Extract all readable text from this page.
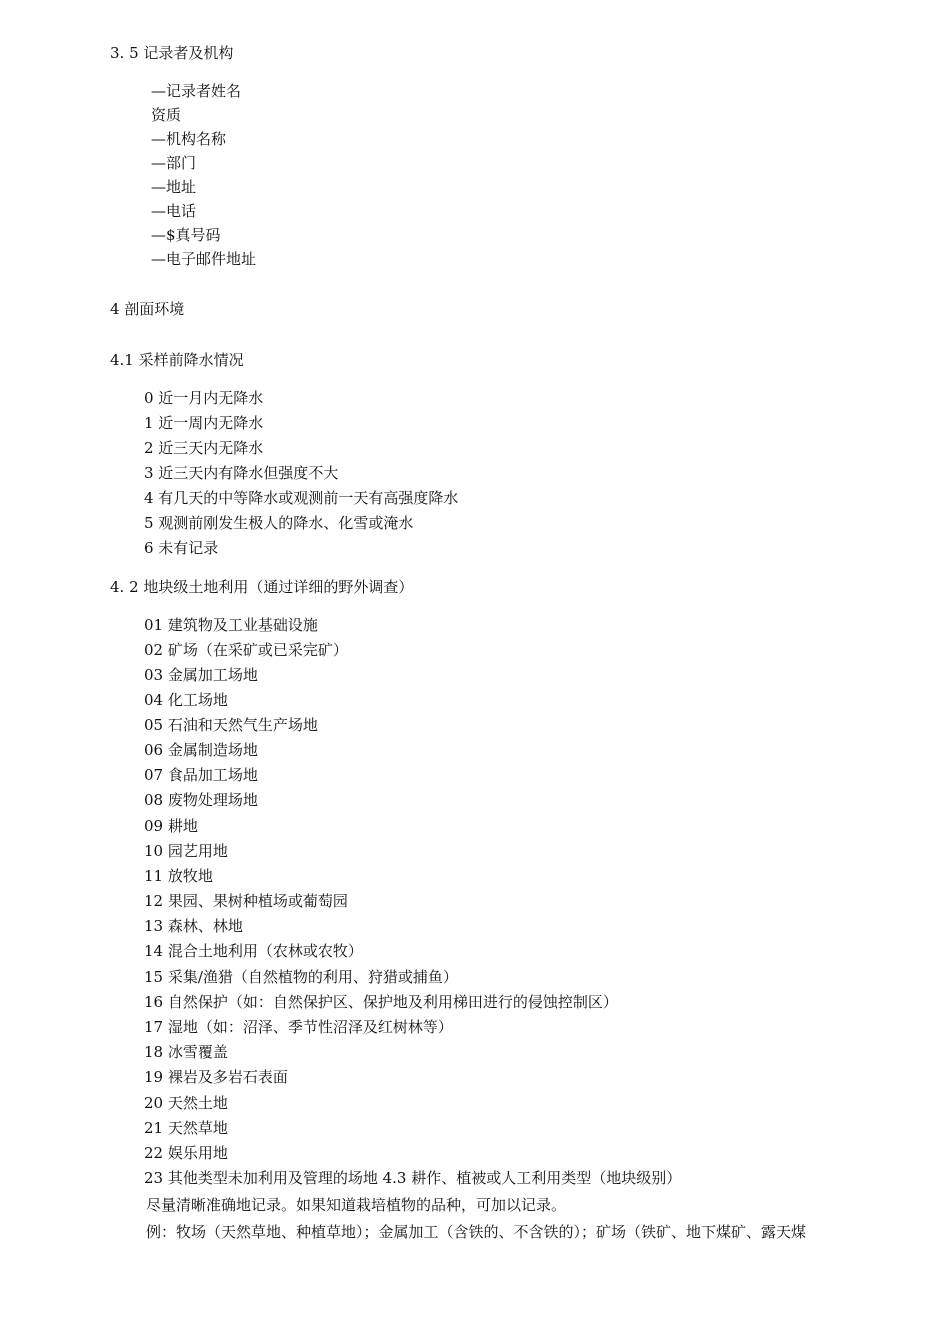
3. 5 记录者及机构
—记录者姓名
资质
—机构名称
—部门
—地址
—电话
—$真号码
—电子邮件地址
4 剖面环境
4.1 采样前降水情况
0 近一月内无降水
1 近一周内无降水
2 近三天内无降水
3 近三天内有降水但强度不大
4 有几天的中等降水或观测前一天有高强度降水
5 观测前刚发生极人的降水、化雪或淹水
6 未有记录
4. 2 地块级土地利用（通过详细的野外调查）
01 建筑物及工业基础设施
02 矿场（在采矿或已采完矿）
03 金属加工场地
04 化工场地
05 石油和天然气生产场地
06 金属制造场地
07 食品加工场地
08 废物处理场地
09 耕地
10 园艺用地
11 放牧地
12 果园、果树种植场或葡萄园
13 森林、林地
14 混合土地利用（农林或农牧）
15 采集/渔猎（自然植物的利用、狩猎或捕鱼）
16 自然保护（如：自然保护区、保护地及利用梯田进行的侵蚀控制区）
17 湿地（如：沼泽、季节性沼泽及红树林等）
18 冰雪覆盖
19 裸岩及多岩石表面
20 天然土地
21 天然草地
22 娱乐用地
23 其他类型未加利用及管理的场地 4.3 耕作、植被或人工利用类型（地块级别）
尽量清晰准确地记录。如果知道栽培植物的品种，可加以记录。
例：牧场（天然草地、种植草地）；金属加工（含铁的、不含铁的）；矿场（铁矿、地下煤矿、露天煤
